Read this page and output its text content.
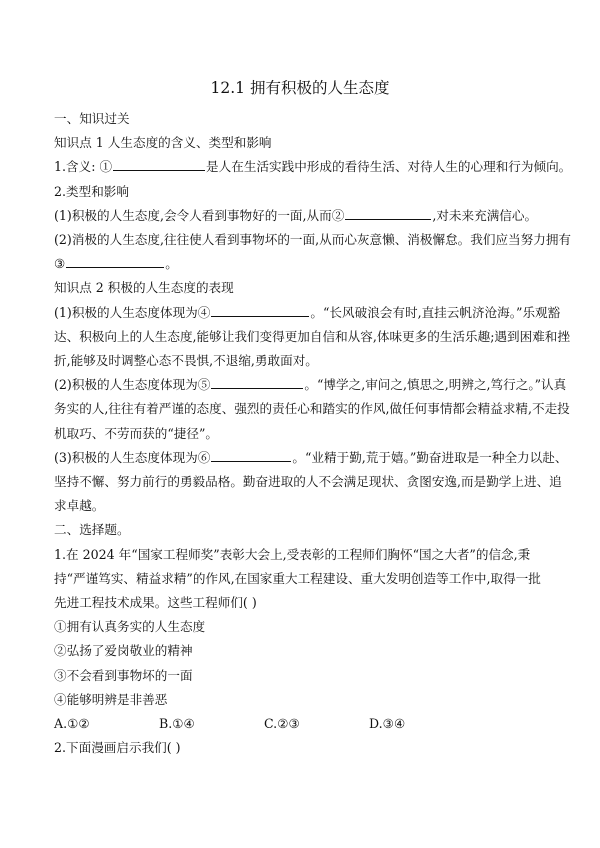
12.1 拥有积极的人生态度

一、知识过关

知识点 1 人生态度的含义、类型和影响

1.含义: ①	是人在生活实践中形成的看待生活、对待人生的心理和行为倾向。

2.类型和影响

(1)积极的人生态度,会令人看到事物好的一面,从而②	,对未来充满信心。

(2)消极的人生态度,往往使人看到事物坏的一面,从而心灰意懒、消极懈怠。我们应当努力拥有

③	。

知识点 2 积极的人生态度的表现

(1)积极的人生态度体现为④	。“长风破浪会有时,直挂云帆济沧海。”乐观豁

达、积极向上的人生态度,能够让我们变得更加自信和从容,体味更多的生活乐趣;遇到困难和挫

折,能够及时调整心态不畏惧,不退缩,勇敢面对。

(2)积极的人生态度体现为⑤	。“博学之,审问之,慎思之,明辨之,笃行之。”认真

务实的人,往往有着严谨的态度、强烈的责任心和踏实的作风,做任何事情都会精益求精,不走投

机取巧、不劳而获的“捷径”。

(3)积极的人生态度体现为⑥	。“业精于勤,荒于嬉。”勤奋进取是一种全力以赴、

坚持不懈、努力前行的勇毅品格。勤奋进取的人不会满足现状、贪图安逸,而是勤学上进、追

求卓越。

二、选择题。

1.在 2024 年“国家工程师奖”表彰大会上,受表彰的工程师们胸怀“国之大者”的信念,秉

持“严谨笃实、精益求精”的作风,在国家重大工程建设、重大发明创造等工作中,取得一批

先进工程技术成果。这些工程师们( )

①拥有认真务实的人生态度

②弘扬了爱岗敬业的精神

③不会看到事物坏的一面

④能够明辨是非善恶

A.①②	B.①④	C.②③	D.③④

2.下面漫画启示我们( )
